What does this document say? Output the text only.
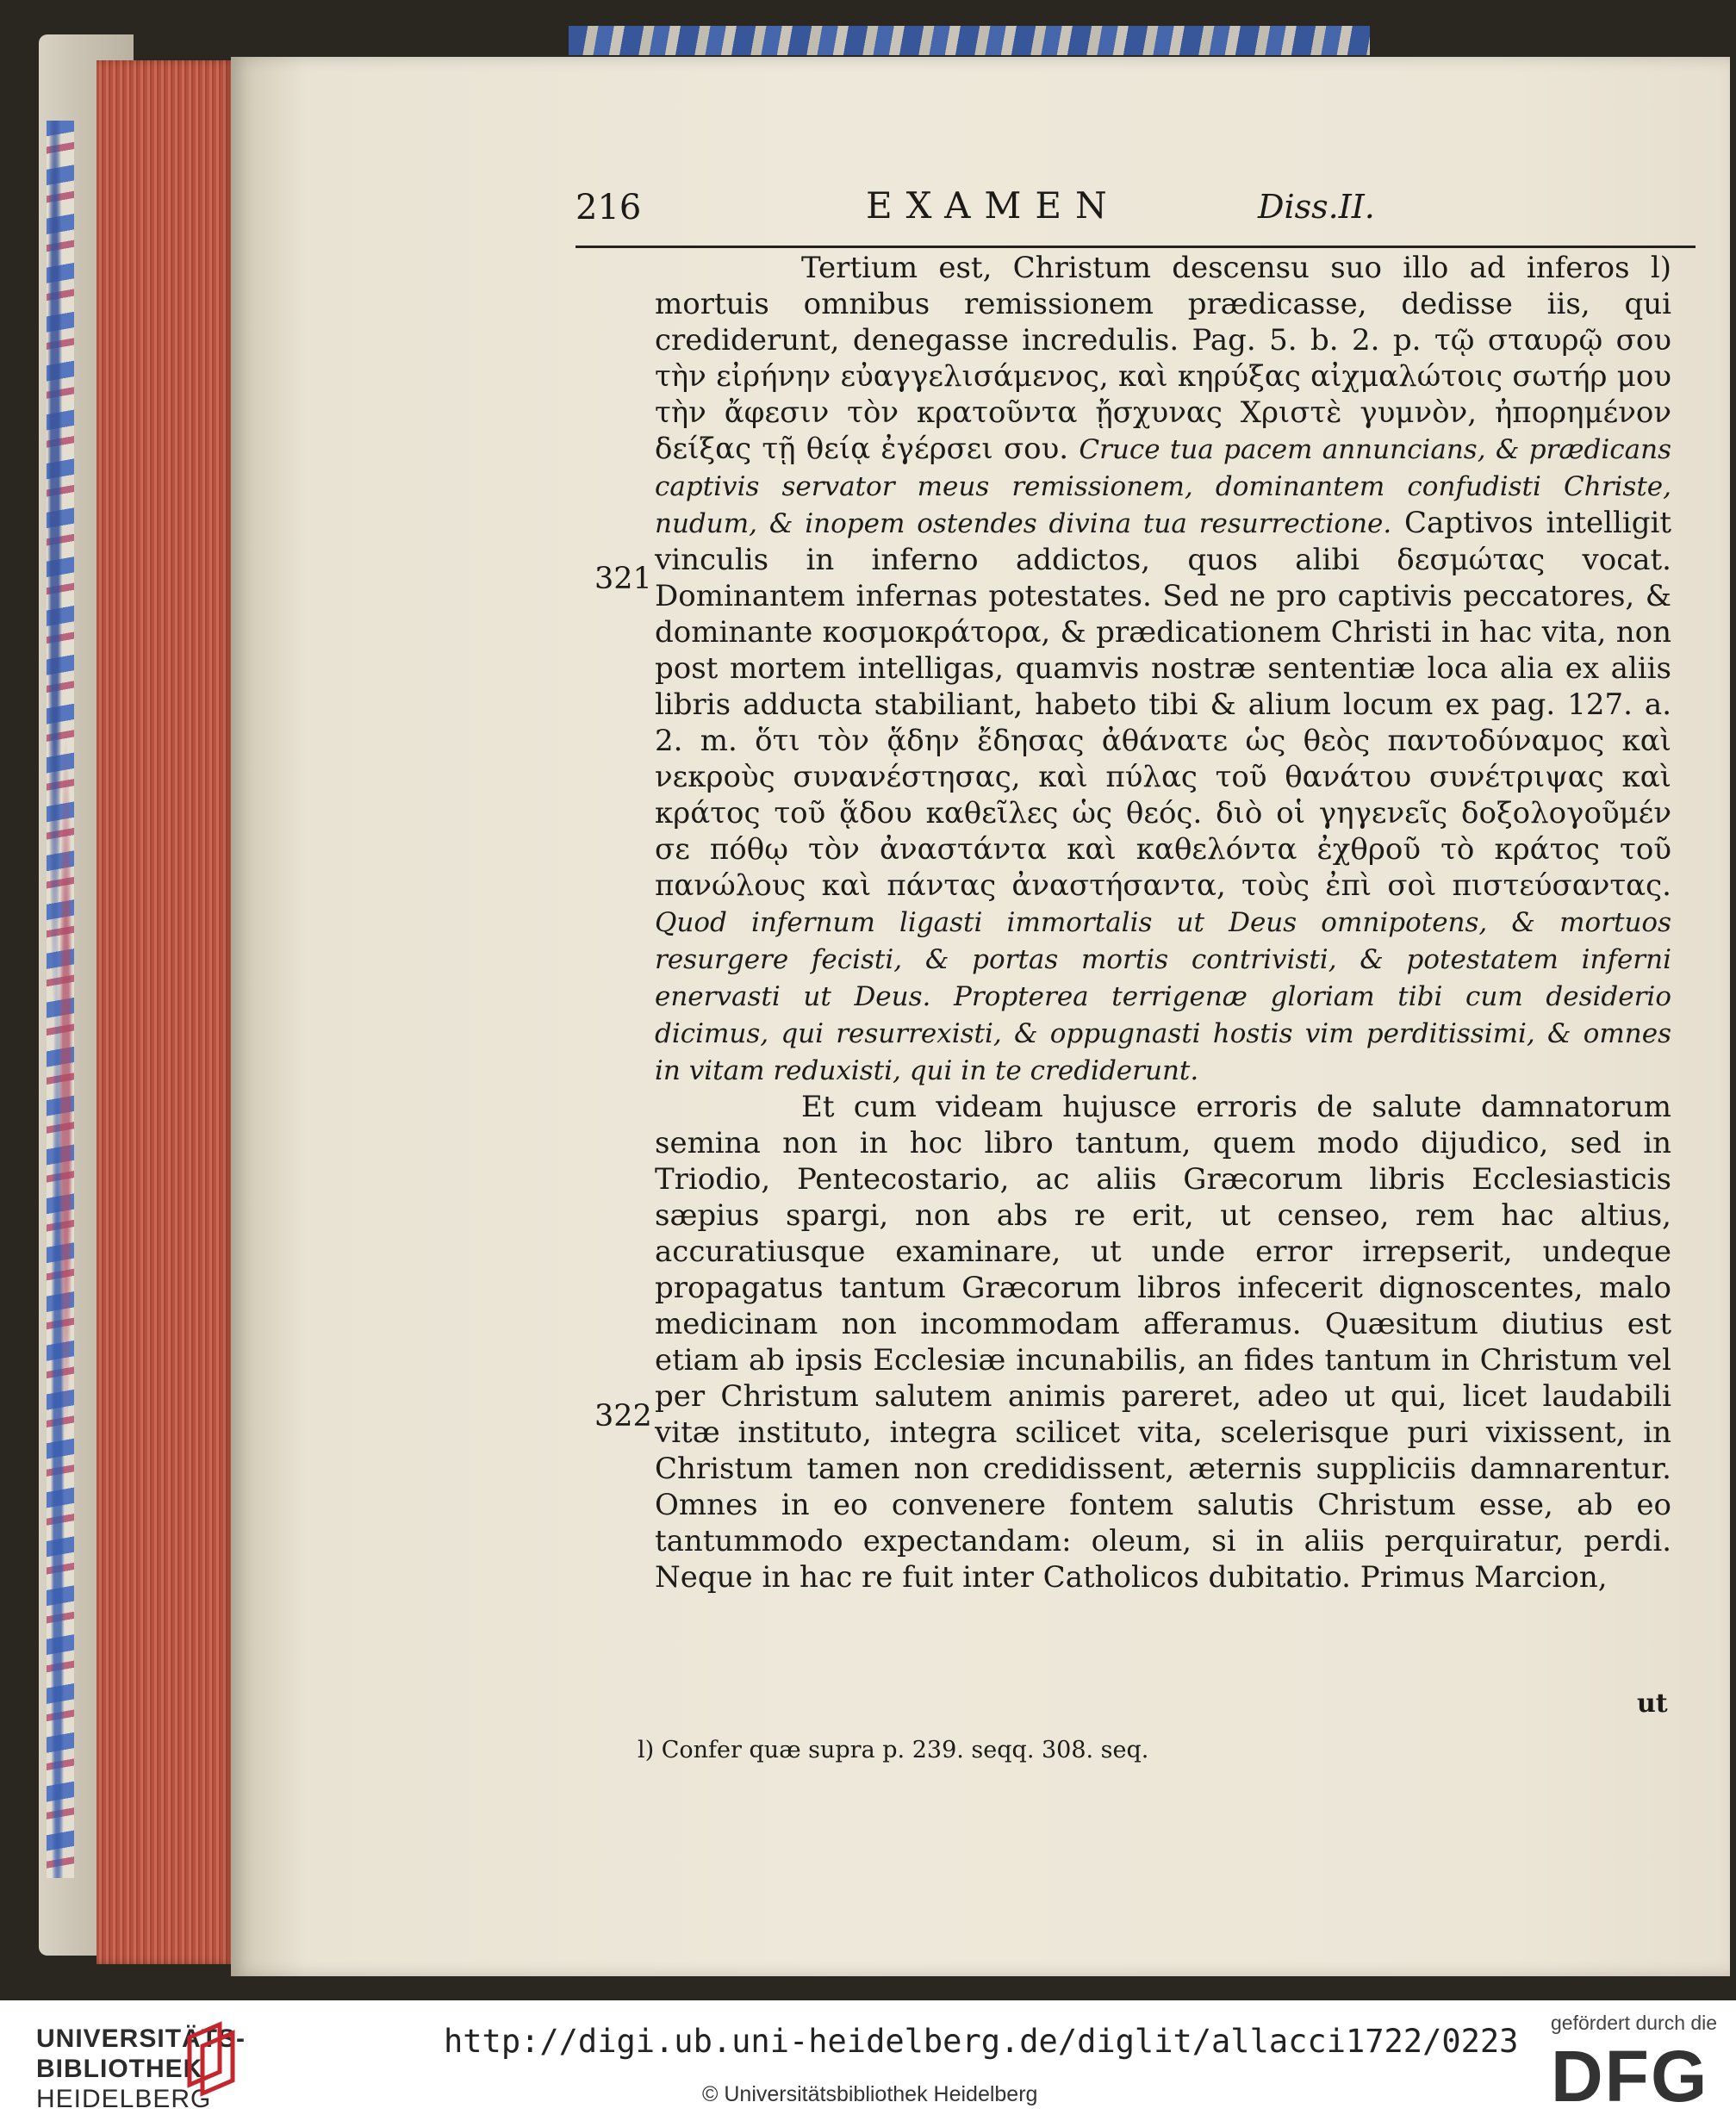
216	EXAMEN	Diss.II.
321
322

Tertium est, Christum descensu suo illo ad inferos l) mortuis omnibus remissionem prædicasse, dedisse iis, qui crediderunt, denegasse incredulis. Pag. 5. b. 2. p. τῷ σταυρῷ σου τὴν εἰρήνην εὐαγγελισάμενος, καὶ κηρύξας αἰχμαλώτοις σωτήρ μου τὴν ἄφεσιν τὸν κρατοῦντα ᾔσχυνας Χριστὲ γυμνὸν, ἠπορημένον δείξας τῇ θείᾳ ἐγέρσει σου. Cruce tua pacem annuncians, & prædicans captivis servator meus remissionem, dominantem confudisti Christe, nudum, & inopem ostendes divina tua resurrectione. Captivos intelligit vinculis in inferno addictos, quos alibi δεσμώτας vocat. Dominantem infernas potestates. Sed ne pro captivis peccatores, & dominante κοσμοκράτορα, & prædicationem Christi in hac vita, non post mortem intelligas, quamvis nostræ sententiæ loca alia ex aliis libris adducta stabiliant, habeto tibi & alium locum ex pag. 127. a. 2. m. ὅτι τὸν ᾅδην ἔδησας ἀθάνατε ὡς θεὸς παντοδύναμος καὶ νεκροὺς συνανέστησας, καὶ πύλας τοῦ θανάτου συνέτριψας καὶ κράτος τοῦ ᾅδου καθεῖλες ὡς θεός. διὸ οἱ γηγενεῖς δοξολογοῦμέν σε πόθῳ τὸν ἀναστάντα καὶ καθελόντα ἐχθροῦ τὸ κράτος τοῦ πανώλους καὶ πάντας ἀναστήσαντα, τοὺς ἐπὶ σοὶ πιστεύσαντας. Quod infernum ligasti immortalis ut Deus omnipotens, & mortuos resurgere fecisti, & portas mortis contrivisti, & potestatem inferni enervasti ut Deus. Propterea terrigenæ gloriam tibi cum desiderio dicimus, qui resurrexisti, & oppugnasti hostis vim perditissimi, & omnes in vitam reduxisti, qui in te crediderunt.

Et cum videam hujusce erroris de salute damnatorum semina non in hoc libro tantum, quem modo dijudico, sed in Triodio, Pentecostario, ac aliis Græcorum libris Ecclesiasticis sæpius spargi, non abs re erit, ut censeo, rem hac altius, accuratiusque examinare, ut unde error irrepserit, undeque propagatus tantum Græcorum libros infecerit dignoscentes, malo medicinam non incommodam afferamus. Quæsitum diutius est etiam ab ipsis Ecclesiæ incunabilis, an fides tantum in Christum vel per Christum salutem animis pareret, adeo ut qui, licet laudabili vitæ instituto, integra scilicet vita, scelerisque puri vixissent, in Christum tamen non credidissent, æternis suppliciis damnarentur. Omnes in eo convenere fontem salutis Christum esse, ab eo tantummodo expectandam: oleum, si in aliis perquiratur, perdi. Neque in hac re fuit inter Catholicos dubitatio. Primus Marcion,

ut
l) Confer quæ supra p. 239. seqq. 308. seq.
UNIVERSITÄTS-
BIBLIOTHEK
HEIDELBERG
http://digi.ub.uni-heidelberg.de/diglit/allacci1722/0223
© Universitätsbibliothek Heidelberg
gefördert durch die
DFG
